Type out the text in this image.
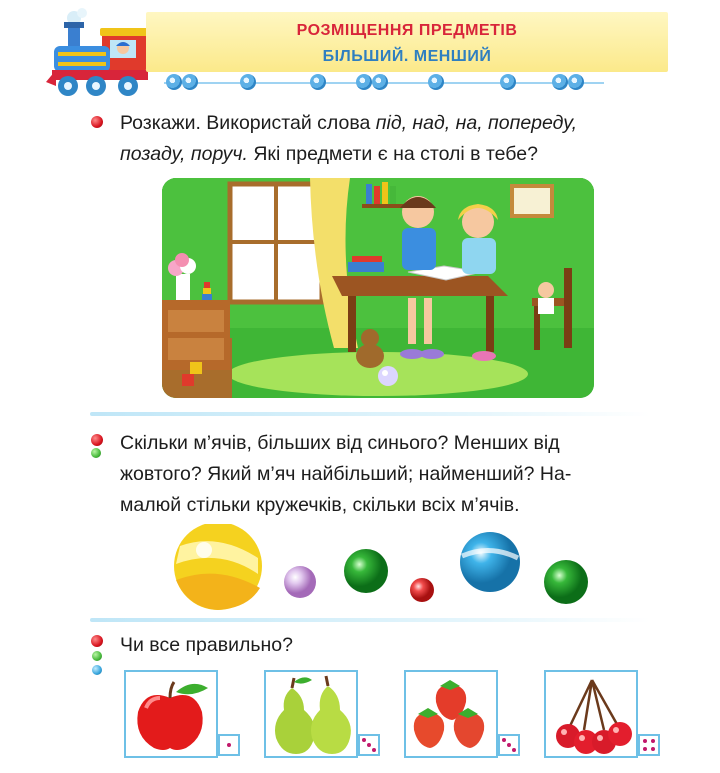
РОЗМІЩЕННЯ ПРЕДМЕТІВ
БІЛЬШИЙ. МЕНШИЙ
Розкажи. Використай слова під, над, на, попереду,
позаду, поруч. Які предмети є на столі в тебе?
Скільки м’ячів, більших від синього? Менших від
жовтого? Який м’яч найбільший; найменший? На-
малюй стільки кружечків, скільки всіх м’ячів.
Чи все правильно?
